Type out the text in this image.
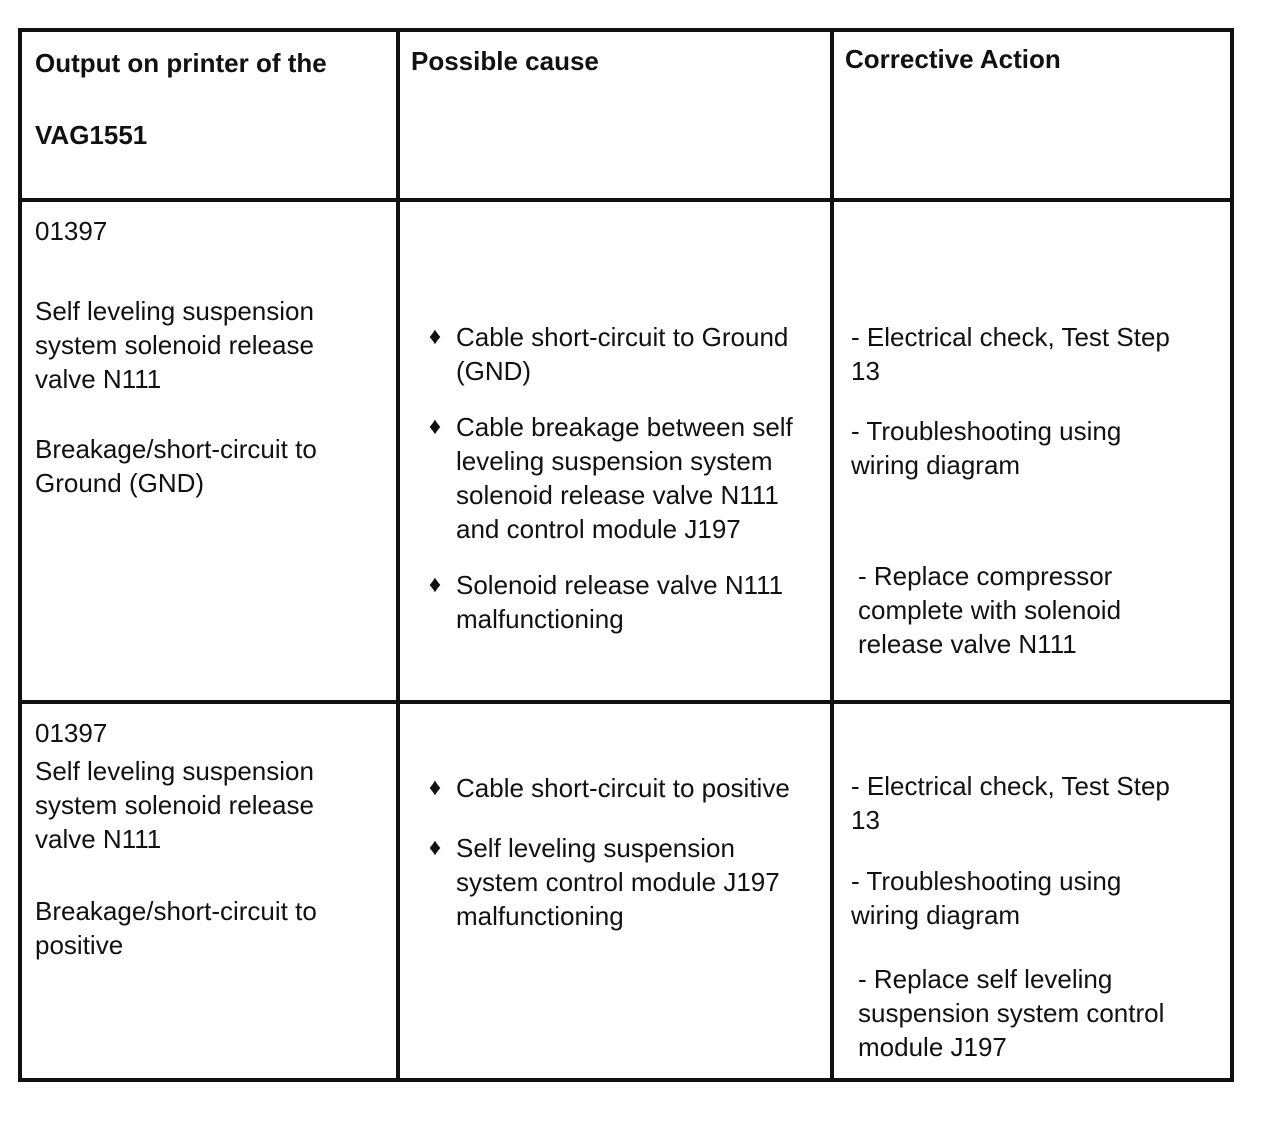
Output on printer of the

VAG1551

Possible cause	Corrective Action

01397

Self leveling suspension

system solenoid release

valve N111

Breakage/short-circuit to

Ground (GND)

♦ Cable short-circuit to Ground

(GND)

♦ Cable breakage between self

leveling suspension system

solenoid release valve N111

and control module J197

♦ Solenoid release valve N111

malfunctioning

- Electrical check, Test Step

13

- Troubleshooting using

wiring diagram

- Replace compressor

complete with solenoid

release valve N111

01397

Self leveling suspension

system solenoid release

valve N111

Breakage/short-circuit to

positive

♦ Cable short-circuit to positive

♦ Self leveling suspension

system control module J197

malfunctioning

- Electrical check, Test Step

13

- Troubleshooting using

wiring diagram

- Replace self leveling

suspension system control

module J197
